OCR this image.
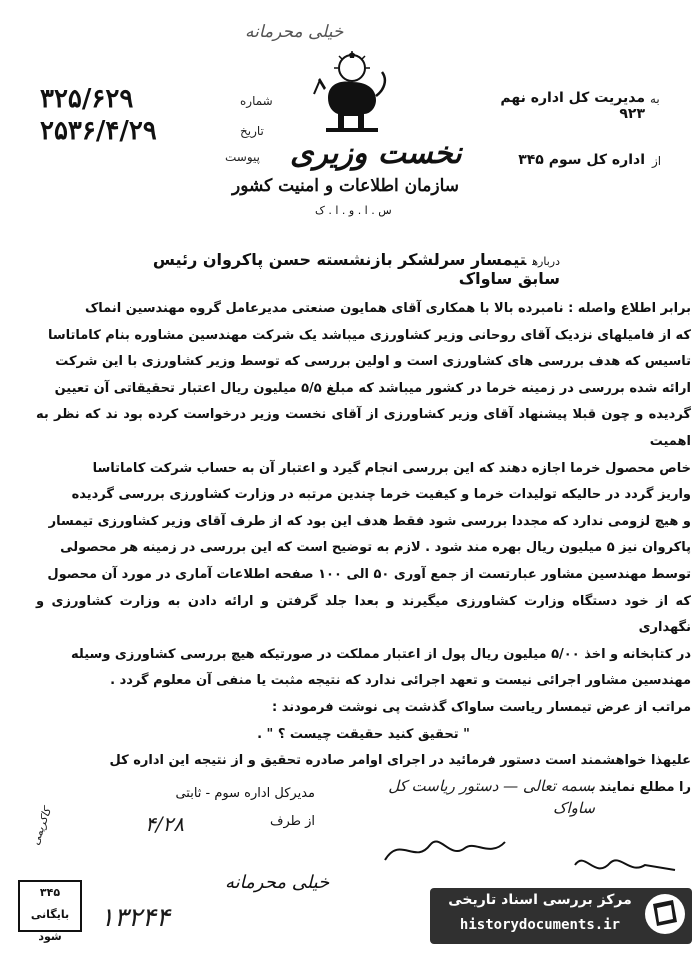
خیلی محرمانه
نخست وزیری
سازمان اطلاعات و امنیت کشور
س . ا . و . ا . ک
۳۲۵/۶۲۹	شماره
۲۵۳۶/۴/۲۹	تاریخ
پیوست
مدیریت کل اداره نهم ۹۲۳
به
اداره کل سوم ۳۴۵ از
دربارهتیمسار سرلشکر بازنشسته حسن پاکروان رئیس سابق ساواک

برابر اطلاع واصله : نامبرده بالا با همکاری آقای همایون صنعتی مدیرعامل گروه مهندسین انماک

که از فامیلهای نزدیک آقای روحانی وزیر کشاورزی میباشد یک شرکت مهندسین مشاوره بنام کاماتاسا

تاسیس که هدف بررسی های کشاورزی است و اولین بررسی که توسط وزیر کشاورزی با این شرکت

ارائه شده بررسی در زمینه خرما در کشور میباشد که مبلغ ۵/۵ میلیون ریال اعتبار تحقیقاتی آن تعیین

گردیده و چون قبلا پیشنهاد آقای وزیر کشاورزی از آقای نخست وزیر درخواست کرده بود ند که نظر به اهمیت

خاص محصول خرما اجازه دهند که این بررسی انجام گیرد و اعتبار آن به حساب شرکت کاماتاسا

واریز گردد در حالیکه تولیدات خرما و کیفیت خرما چندین مرتبه در وزارت کشاورزی بررسی گردیده

و هیچ لزومی ندارد که مجددا بررسی شود فقط هدف این بود که از طرف آقای وزیر کشاورزی تیمسار

پاکروان نیز ۵ میلیون ریال بهره مند شود . لازم به توضیح است که این بررسی در زمینه هر محصولی

توسط مهندسین مشاور عبارتست از جمع آوری ۵۰ الی ۱۰۰ صفحه اطلاعات آماری در مورد آن محصول

که از خود دستگاه وزارت کشاورزی میگیرند و بعدا جلد گرفتن و ارائه دادن به وزارت کشاورزی و نگهداری

در کتابخانه و اخذ ۵/۰۰ میلیون ریال پول از اعتبار مملکت در صورتیکه هیچ بررسی کشاورزی وسیله

مهندسین مشاور اجرائی نیست و تعهد اجرائی ندارد که نتیجه مثبت یا منفی آن معلوم گردد .

مراتب از عرض تیمسار ریاست ساواک گذشت پی نوشت فرمودند :

" تحقیق کنید حقیقت چیست ؟ " .

علیهذا خواهشمند است دستور فرمائید در اجرای اوامر صادره تحقیق و از نتیجه این اداره کل

را مطلع نمایند .

بسمه تعالی — دستور ریاست کل ساواک
مدیرکل اداره سوم - ثابتی
از طرف
۴/۲۸
خیلی محرمانه
۱۳۲۴۴
۳۴۵
بایگانی شود
کاکریمی
مرکز بررسی اسناد تاریخی
historydocuments.ir
